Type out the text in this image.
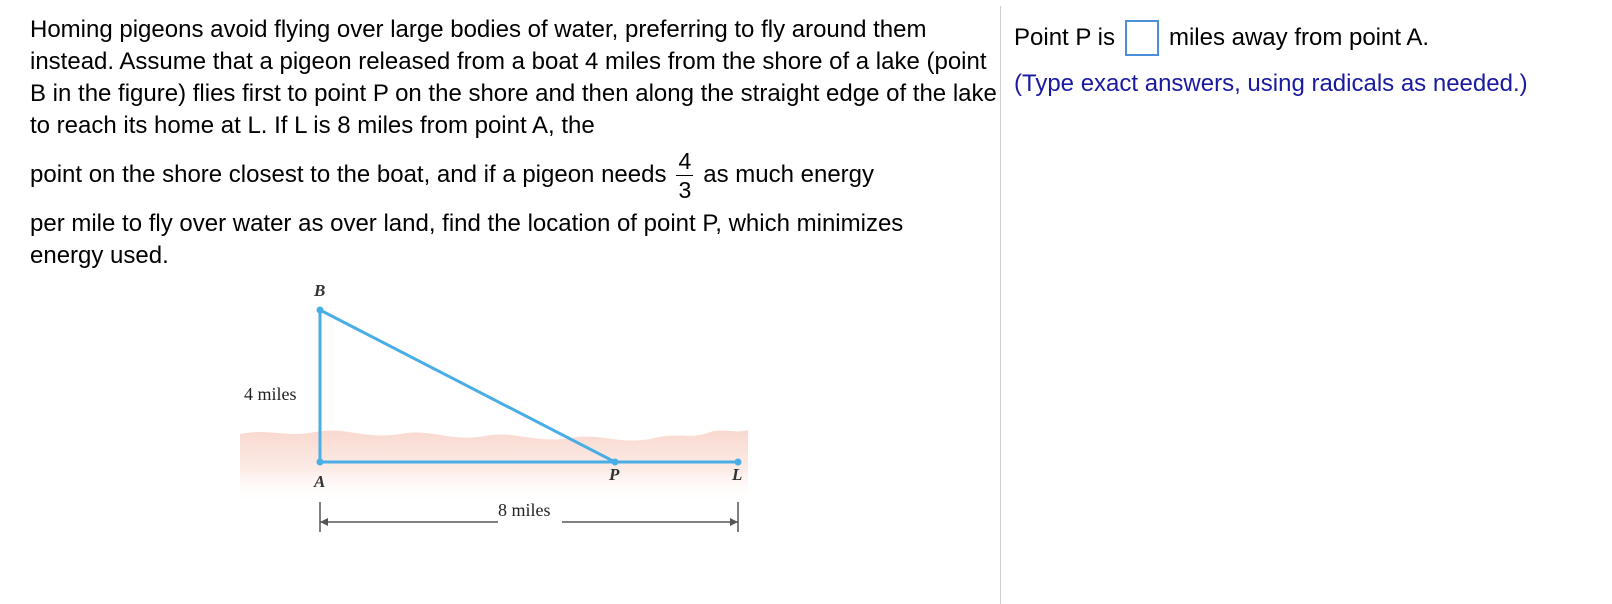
Homing pigeons avoid flying over large bodies of water, preferring to fly around them instead. Assume that a pigeon released from a boat 4 miles from the shore of a lake (point B in the figure) flies first to point P on the shore and then along the straight edge of the lake to reach its home at L. If L is 8 miles from point A, the

point on the shore closest to the boat, and if a pigeon needs $\frac{4}{3}$ as much energy

per mile to fly over water as over land, find the location of point P, which minimizes energy used.

B
A	P	L
4 miles
8 miles
Point P is miles away from point A.
(Type exact answers, using radicals as needed.)
